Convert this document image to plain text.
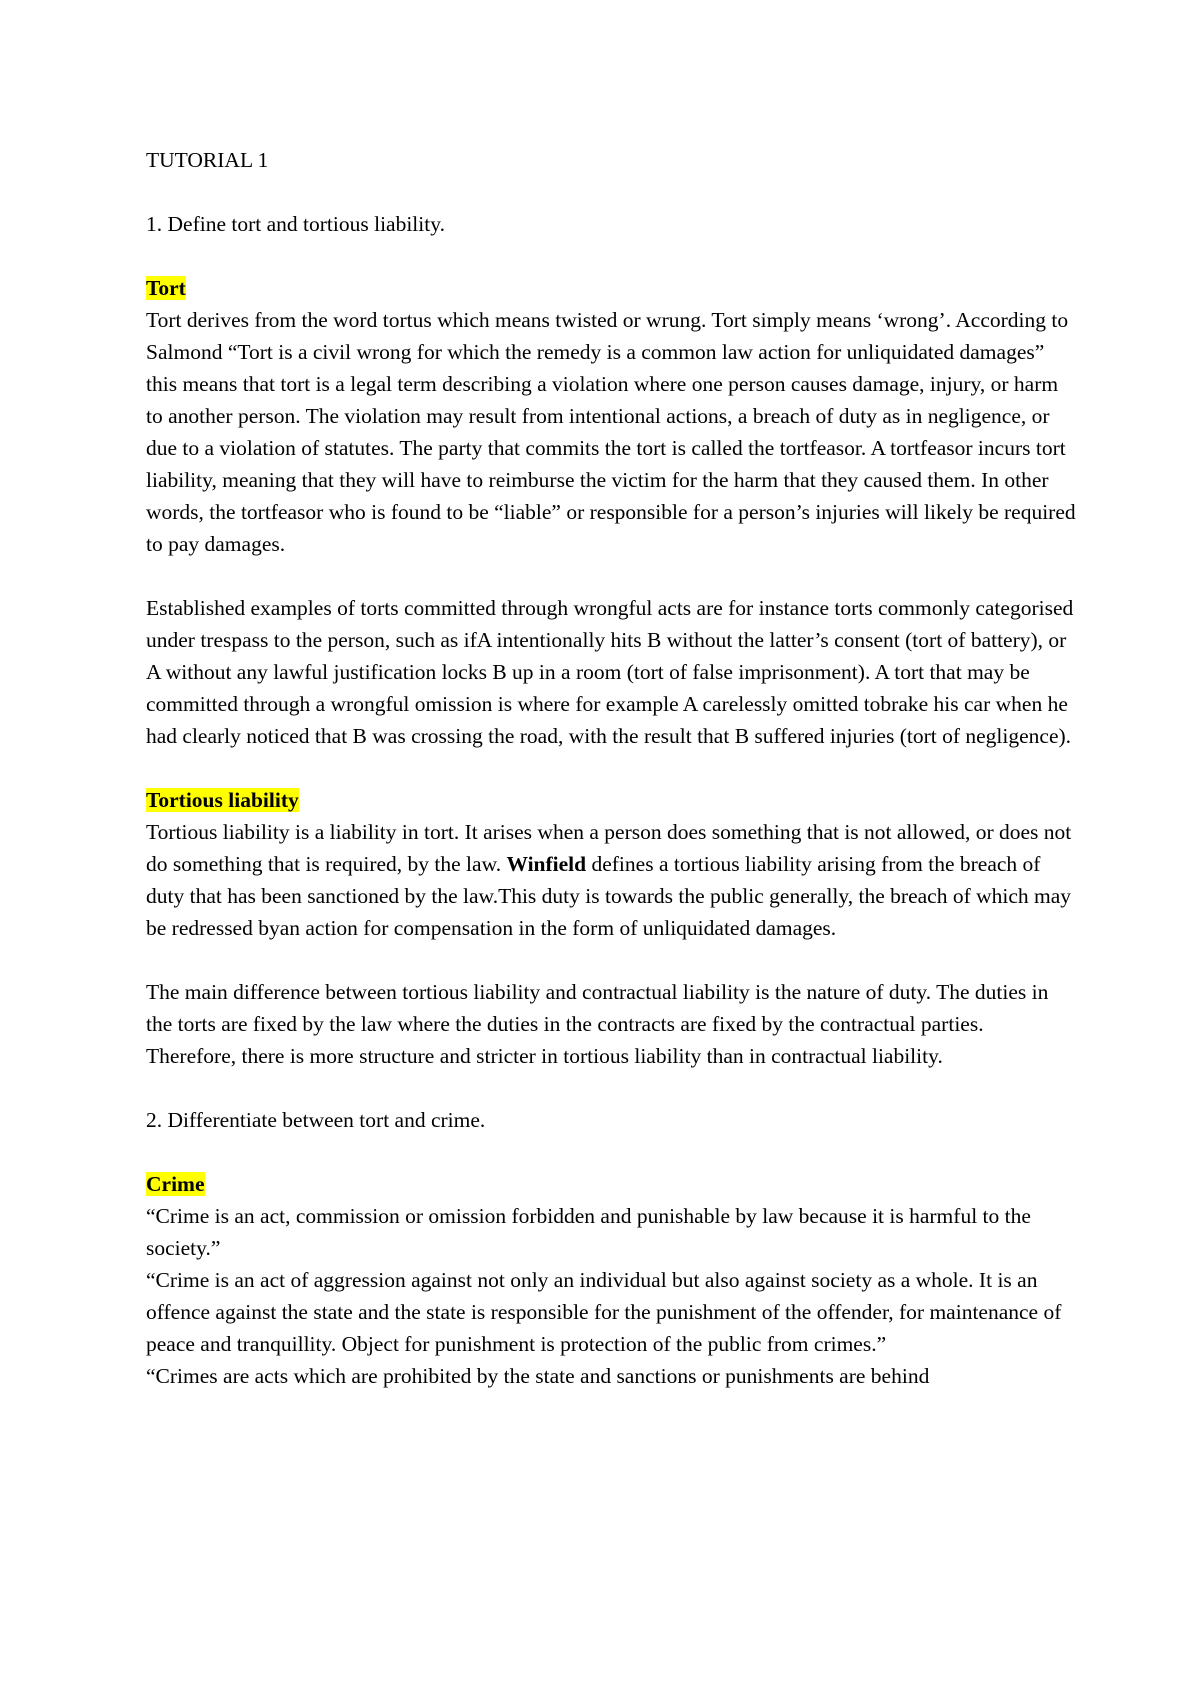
TUTORIAL 1

1. Define tort and tortious liability.

Tort

Tort derives from the word tortus which means twisted or wrung. Tort simply means ‘wrong’. According to Salmond “Tort is a civil wrong for which the remedy is a common law action for unliquidated damages” this means that tort is a legal term describing a violation where one person causes damage, injury, or harm to another person. The violation may result from intentional actions, a breach of duty as in negligence, or due to a violation of statutes. The party that commits the tort is called the tortfeasor. A tortfeasor incurs tort liability, meaning that they will have to reimburse the victim for the harm that they caused them. In other words, the tortfeasor who is found to be “liable” or responsible for a person’s injuries will likely be required to pay damages.

Established examples of torts committed through wrongful acts are for instance torts commonly categorised under trespass to the person, such as ifA intentionally hits B without the latter’s consent (tort of battery), or A without any lawful justification locks B up in a room (tort of false imprisonment). A tort that may be committed through a wrongful omission is where for example A carelessly omitted tobrake his car when he had clearly noticed that B was crossing the road, with the result that B suffered injuries (tort of negligence).

Tortious liability

Tortious liability is a liability in tort. It arises when a person does something that is not allowed, or does not do something that is required, by the law. Winfield defines a tortious liability arising from the breach of duty that has been sanctioned by the law.This duty is towards the public generally, the breach of which may be redressed byan action for compensation in the form of unliquidated damages.

The main difference between tortious liability and contractual liability is the nature of duty. The duties in the torts are fixed by the law where the duties in the contracts are fixed by the contractual parties. Therefore, there is more structure and stricter in tortious liability than in contractual liability.

2. Differentiate between tort and crime.

Crime

“Crime is an act, commission or omission forbidden and punishable by law because it is harmful to the society.”

“Crime is an act of aggression against not only an individual but also against society as a whole. It is an offence against the state and the state is responsible for the punishment of the offender, for maintenance of peace and tranquillity. Object for punishment is protection of the public from crimes.”

“Crimes are acts which are prohibited by the state and sanctions or punishments are behind
